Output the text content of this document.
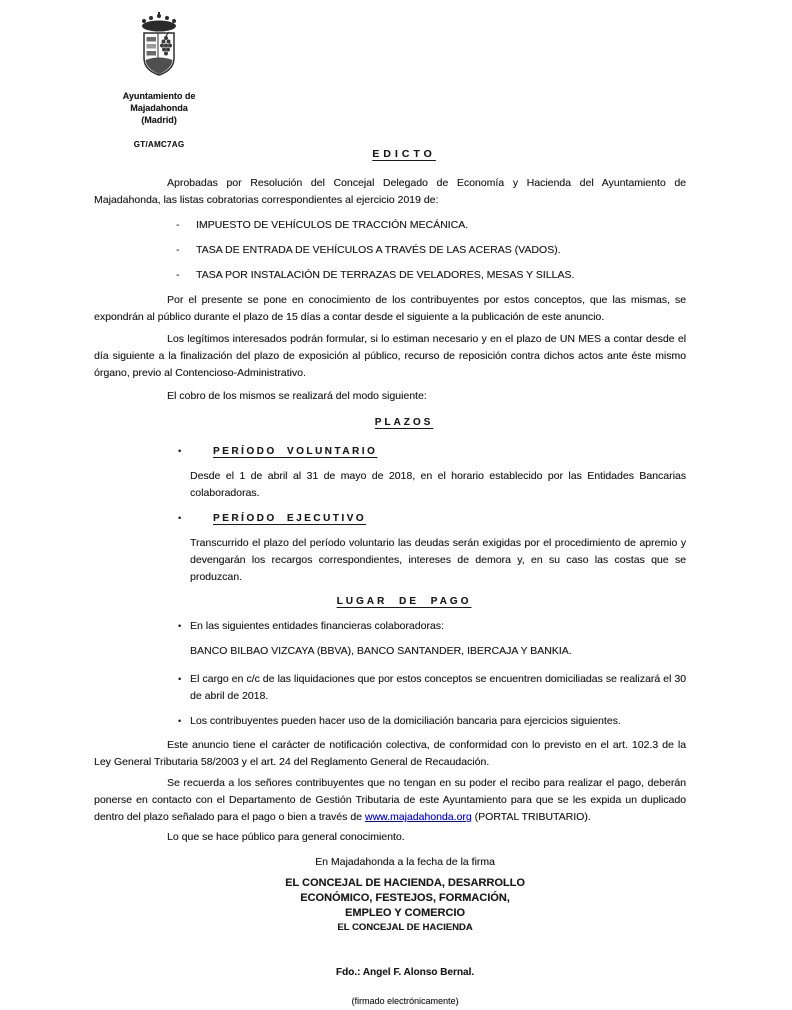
Ayuntamiento de Majadahonda
(Madrid)
GT/AMC7AG
EDICTO

Aprobadas por Resolución del Concejal Delegado de Economía y Hacienda del Ayuntamiento de Majadahonda, las listas cobratorias correspondientes al ejercicio 2019 de:

- IMPUESTO DE VEHÍCULOS DE TRACCIÓN MECÁNICA.
- TASA DE ENTRADA DE VEHÍCULOS A TRAVÉS DE LAS ACERAS (VADOS).
- TASA POR INSTALACIÓN DE TERRAZAS DE VELADORES, MESAS Y SILLAS.

Por el presente se pone en conocimiento de los contribuyentes por estos conceptos, que las mismas, se expondrán al público durante el plazo de 15 días a contar desde el siguiente a la publicación de este anuncio.

Los legítimos interesados podrán formular, si lo estiman necesario y en el plazo de UN MES a contar desde el día siguiente a la finalización del plazo de exposición al público, recurso de reposición contra dichos actos ante éste mismo órgano, previo al Contencioso-Administrativo.

El cobro de los mismos se realizará del modo siguiente:

PLAZOS
•	PERÍODO VOLUNTARIO

Desde el 1 de abril al 31 de mayo de 2018, en el horario establecido por las Entidades Bancarias colaboradoras.

•	PERÍODO EJECUTIVO

Transcurrido el plazo del período voluntario las deudas serán exigidas por el procedimiento de apremio y devengarán los recargos correspondientes, intereses de demora y, en su caso las costas que se produzcan.

LUGAR DE PAGO
• En las siguientes entidades financieras colaboradoras:

BANCO BILBAO VIZCAYA (BBVA), BANCO SANTANDER, IBERCAJA Y BANKIA.

• El cargo en c/c de las liquidaciones que por estos conceptos se encuentren domiciliadas se realizará el 30 de abril de 2018.
• Los contribuyentes pueden hacer uso de la domiciliación bancaria para ejercicios siguientes.

Este anuncio tiene el carácter de notificación colectiva, de conformidad con lo previsto en el art. 102.3 de la Ley General Tributaria 58/2003 y el art. 24 del Reglamento General de Recaudación.

Se recuerda a los señores contribuyentes que no tengan en su poder el recibo para realizar el pago, deberán ponerse en contacto con el Departamento de Gestión Tributaria de este Ayuntamiento para que se les expida un duplicado dentro del plazo señalado para el pago o bien a través de www.majadahonda.org (PORTAL TRIBUTARIO).

Lo que se hace público para general conocimiento.

En Majadahonda a la fecha de la firma

EL CONCEJAL DE HACIENDA, DESARROLLO
ECONÓMICO, FESTEJOS, FORMACIÓN,
EMPLEO Y COMERCIO
EL CONCEJAL DE HACIENDA
Fdo.: Angel F. Alonso Bernal.
(firmado electrónicamente)
